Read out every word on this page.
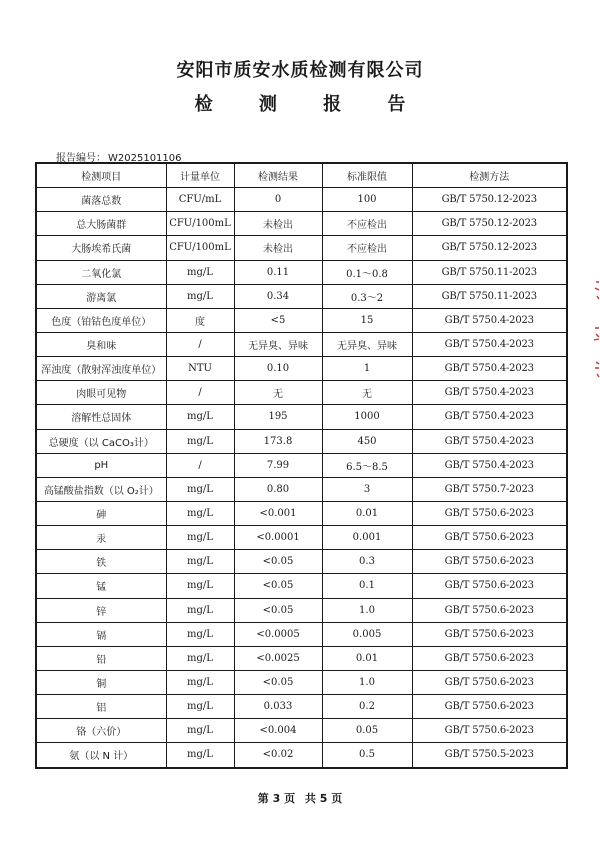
安阳市质安水质检测有限公司
检 测 报 告
报告编号： W2025101106
检测项目	计量单位	检测结果	标准限值	检测方法
菌落总数	CFU/mL	0	100	GB/T 5750.12-2023
总大肠菌群	CFU/100mL	未检出	不应检出	GB/T 5750.12-2023
大肠埃希氏菌	CFU/100mL	未检出	不应检出	GB/T 5750.12-2023
二氧化氯	mg/L	0.11	0.1～0.8	GB/T 5750.11-2023
游离氯	mg/L	0.34	0.3～2	GB/T 5750.11-2023
色度（铂钴色度单位）	度	<5	15	GB/T 5750.4-2023
臭和味	/	无异臭、异味	无异臭、异味	GB/T 5750.4-2023
浑浊度（散射浑浊度单位）	NTU	0.10	1	GB/T 5750.4-2023
肉眼可见物	/	无	无	GB/T 5750.4-2023
溶解性总固体	mg/L	195	1000	GB/T 5750.4-2023
总硬度（以 CaCO₃计）	mg/L	173.8	450	GB/T 5750.4-2023
pH	/	7.99	6.5～8.5	GB/T 5750.4-2023
高锰酸盐指数（以 O₂计）	mg/L	0.80	3	GB/T 5750.7-2023
砷	mg/L	<0.001	0.01	GB/T 5750.6-2023
汞	mg/L	<0.0001	0.001	GB/T 5750.6-2023
铁	mg/L	<0.05	0.3	GB/T 5750.6-2023
锰	mg/L	<0.05	0.1	GB/T 5750.6-2023
锌	mg/L	<0.05	1.0	GB/T 5750.6-2023
镉	mg/L	<0.0005	0.005	GB/T 5750.6-2023
铅	mg/L	<0.0025	0.01	GB/T 5750.6-2023
铜	mg/L	<0.05	1.0	GB/T 5750.6-2023
铝	mg/L	0.033	0.2	GB/T 5750.6-2023
铬（六价）	mg/L	<0.004	0.05	GB/T 5750.6-2023
氨（以 N 计）	mg/L	<0.02	0.5	GB/T 5750.5-2023
第 3 页 共 5 页
